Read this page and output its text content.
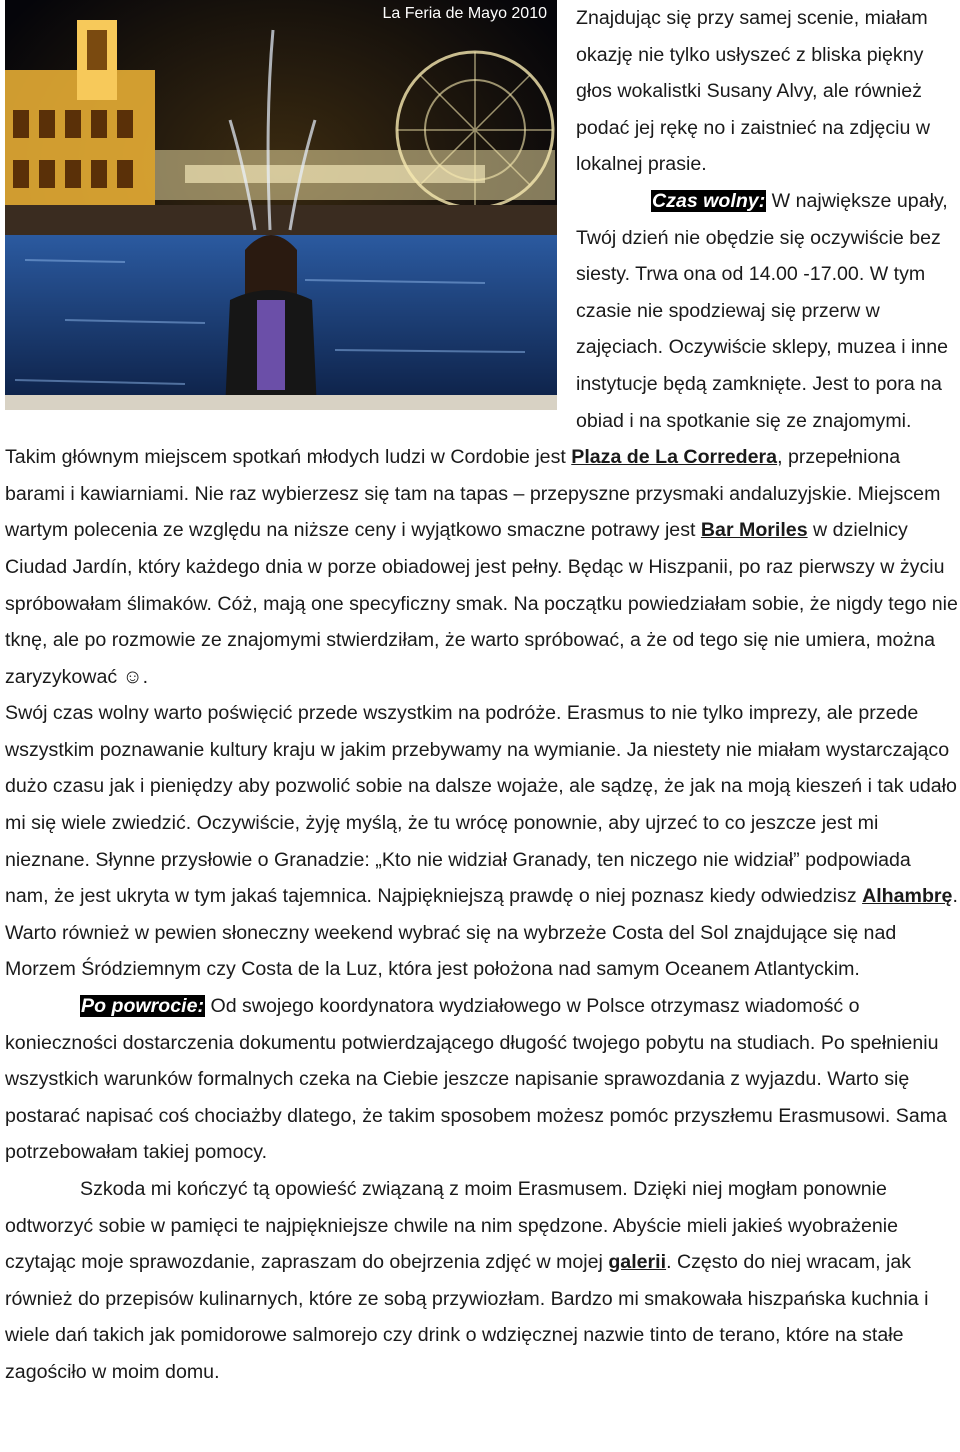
La Feria de Mayo 2010	Znajdując się przy samej scenie, miałam okazję nie tylko usłyszeć z bliska piękny głos wokalistki Susany Alvy, ale również podać jej rękę no i zaistnieć na zdjęciu w lokalnej prasie.

Czas wolny: W największe upały, Twój dzień nie obędzie się oczywiście bez siesty. Trwa ona od 14.00 -17.00. W tym czasie nie spodziewaj się przerw w zajęciach. Oczywiście sklepy, muzea i inne instytucje będą zamknięte. Jest to pora na obiad i na spotkanie się ze znajomymi. Takim głównym miejscem spotkań młodych ludzi w Cordobie jest Plaza de La Corredera, przepełniona barami i kawiarniami. Nie raz wybierzesz się tam na tapas – przepyszne przysmaki andaluzyjskie. Miejscem wartym polecenia ze względu na niższe ceny i wyjątkowo smaczne potrawy jest Bar Moriles w dzielnicy Ciudad Jardín, który każdego dnia w porze obiadowej jest pełny. Będąc w Hiszpanii, po raz pierwszy w życiu spróbowałam ślimaków. Cóż, mają one specyficzny smak. Na początku powiedziałam sobie, że nigdy tego nie tknę, ale po rozmowie ze znajomymi stwierdziłam, że warto spróbować, a że od tego się nie umiera, można zaryzykować ☺.

Swój czas wolny warto poświęcić przede wszystkim na podróże. Erasmus to nie tylko imprezy, ale przede wszystkim poznawanie kultury kraju w jakim przebywamy na wymianie. Ja niestety nie miałam wystarczająco dużo czasu jak i pieniędzy aby pozwolić sobie na dalsze wojaże, ale sądzę, że jak na moją kieszeń i tak udało mi się wiele zwiedzić. Oczywiście, żyję myślą, że tu wrócę ponownie, aby ujrzeć to co jeszcze jest mi nieznane. Słynne przysłowie o Granadzie: „Kto nie widział Granady, ten niczego nie widział” podpowiada nam, że jest ukryta w tym jakaś tajemnica. Najpiękniejszą prawdę o niej poznasz kiedy odwiedzisz Alhambrę. Warto również w pewien słoneczny weekend wybrać się na wybrzeże Costa del Sol znajdujące się nad Morzem Śródziemnym czy Costa de la Luz, która jest położona nad samym Oceanem Atlantyckim.

Po powrocie: Od swojego koordynatora wydziałowego w Polsce otrzymasz wiadomość o konieczności dostarczenia dokumentu potwierdzającego długość twojego pobytu na studiach. Po spełnieniu wszystkich warunków formalnych czeka na Ciebie jeszcze napisanie sprawozdania z wyjazdu. Warto się postarać napisać coś chociażby dlatego, że takim sposobem możesz pomóc przyszłemu Erasmusowi. Sama potrzebowałam takiej pomocy.

Szkoda mi kończyć tą opowieść związaną z moim Erasmusem. Dzięki niej mogłam ponownie odtworzyć sobie w pamięci te najpiękniejsze chwile na nim spędzone. Abyście mieli jakieś wyobrażenie czytając moje sprawozdanie, zapraszam do obejrzenia zdjęć w mojej galerii. Często do niej wracam, jak również do przepisów kulinarnych, które ze sobą przywiozłam. Bardzo mi smakowała hiszpańska kuchnia i wiele dań takich jak pomidorowe salmorejo czy drink o wdzięcznej nazwie tinto de terano, które na stałe zagościło w moim domu.
